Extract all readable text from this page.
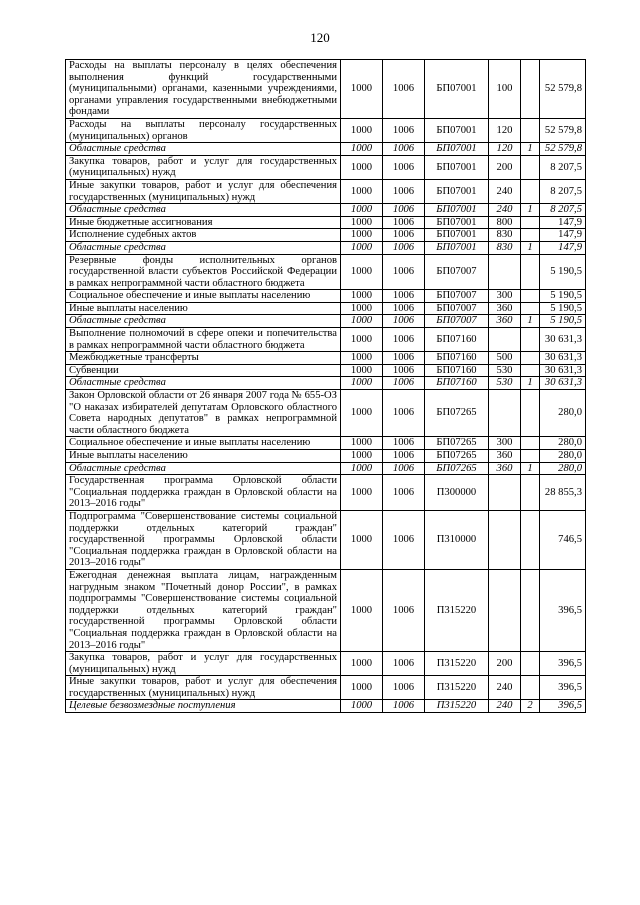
120
Расходы на выплаты персоналу в целях обеспечения выполнения функций государственными (муниципальными) органами, казенными учреждениями, органами управления государственными внебюджетными фондами	1000	1006	БП07001	100		52 579,8
Расходы на выплаты персоналу государственных (муниципальных) органов	1000	1006	БП07001	120		52 579,8
Областные средства	1000	1006	БП07001	120	1	52 579,8
Закупка товаров, работ и услуг для государственных (муниципальных) нужд	1000	1006	БП07001	200		8 207,5
Иные закупки товаров, работ и услуг для обеспечения государственных (муниципальных) нужд	1000	1006	БП07001	240		8 207,5
Областные средства	1000	1006	БП07001	240	1	8 207,5
Иные бюджетные ассигнования	1000	1006	БП07001	800		147,9
Исполнение судебных актов	1000	1006	БП07001	830		147,9
Областные средства	1000	1006	БП07001	830	1	147,9
Резервные фонды исполнительных органов государственной власти субъектов Российской Федерации в рамках непрограммной части областного бюджета	1000	1006	БП07007			5 190,5
Социальное обеспечение и иные выплаты населению	1000	1006	БП07007	300		5 190,5
Иные выплаты населению	1000	1006	БП07007	360		5 190,5
Областные средства	1000	1006	БП07007	360	1	5 190,5
Выполнение полномочий в сфере опеки и попечительства в рамках непрограммной части областного бюджета	1000	1006	БП07160			30 631,3
Межбюджетные трансферты	1000	1006	БП07160	500		30 631,3
Субвенции	1000	1006	БП07160	530		30 631,3
Областные средства	1000	1006	БП07160	530	1	30 631,3
Закон Орловской области от 26 января 2007 года № 655-ОЗ "О наказах избирателей депутатам Орловского областного Совета народных депутатов" в рамках непрограммной части областного бюджета	1000	1006	БП07265			280,0
Социальное обеспечение и иные выплаты населению	1000	1006	БП07265	300		280,0
Иные выплаты населению	1000	1006	БП07265	360		280,0
Областные средства	1000	1006	БП07265	360	1	280,0
Государственная программа Орловской области "Социальная поддержка граждан в Орловской области на 2013–2016 годы"	1000	1006	П300000			28 855,3
Подпрограмма "Совершенствование системы социальной поддержки отдельных категорий граждан" государственной программы Орловской области "Социальная поддержка граждан в Орловской области на 2013–2016 годы"	1000	1006	П310000			746,5
Ежегодная денежная выплата лицам, награжденным нагрудным знаком "Почетный донор России", в рамках подпрограммы "Совершенствование системы социальной поддержки отдельных категорий граждан" государственной программы Орловской области "Социальная поддержка граждан в Орловской области на 2013–2016 годы"	1000	1006	П315220			396,5
Закупка товаров, работ и услуг для государственных (муниципальных) нужд	1000	1006	П315220	200		396,5
Иные закупки товаров, работ и услуг для обеспечения государственных (муниципальных) нужд	1000	1006	П315220	240		396,5
Целевые безвозмездные поступления	1000	1006	П315220	240	2	396,5
